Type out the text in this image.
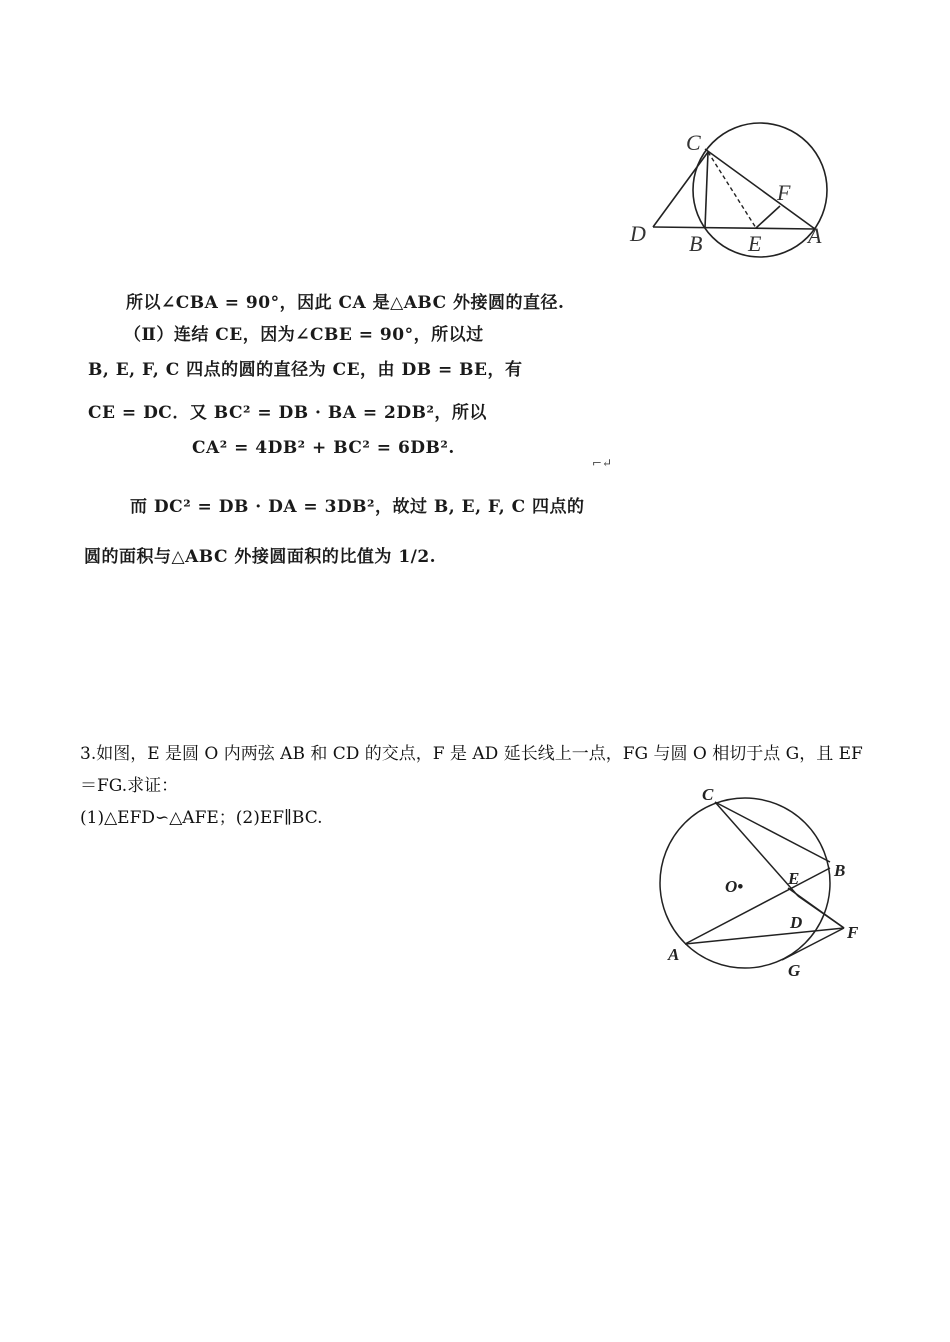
C
F
D B E A
所以∠CBA = 90°，因此 CA 是△ABC 外接圆的直径.
（Ⅱ）连结 CE，因为∠CBE = 90°，所以过
B, E, F, C 四点的圆的直径为 CE，由 DB = BE，有
CE = DC．又 BC² = DB · BA = 2DB²，所以
CA² = 4DB² + BC² = 6DB².
⌐↵
而 DC² = DB · DA = 3DB²，故过 B, E, F, C 四点的
圆的面积与△ABC 外接圆面积的比值为 1/2.
3.如图，E 是圆 O 内两弦 AB 和 CD 的交点，F 是 AD 延长线上一点，FG 与圆 O 相切于点 G，且 EF
＝FG.求证：
(1)△EFD∽△AFE；(2)EF∥BC.
C
B
O•	E
D
F
A
G
